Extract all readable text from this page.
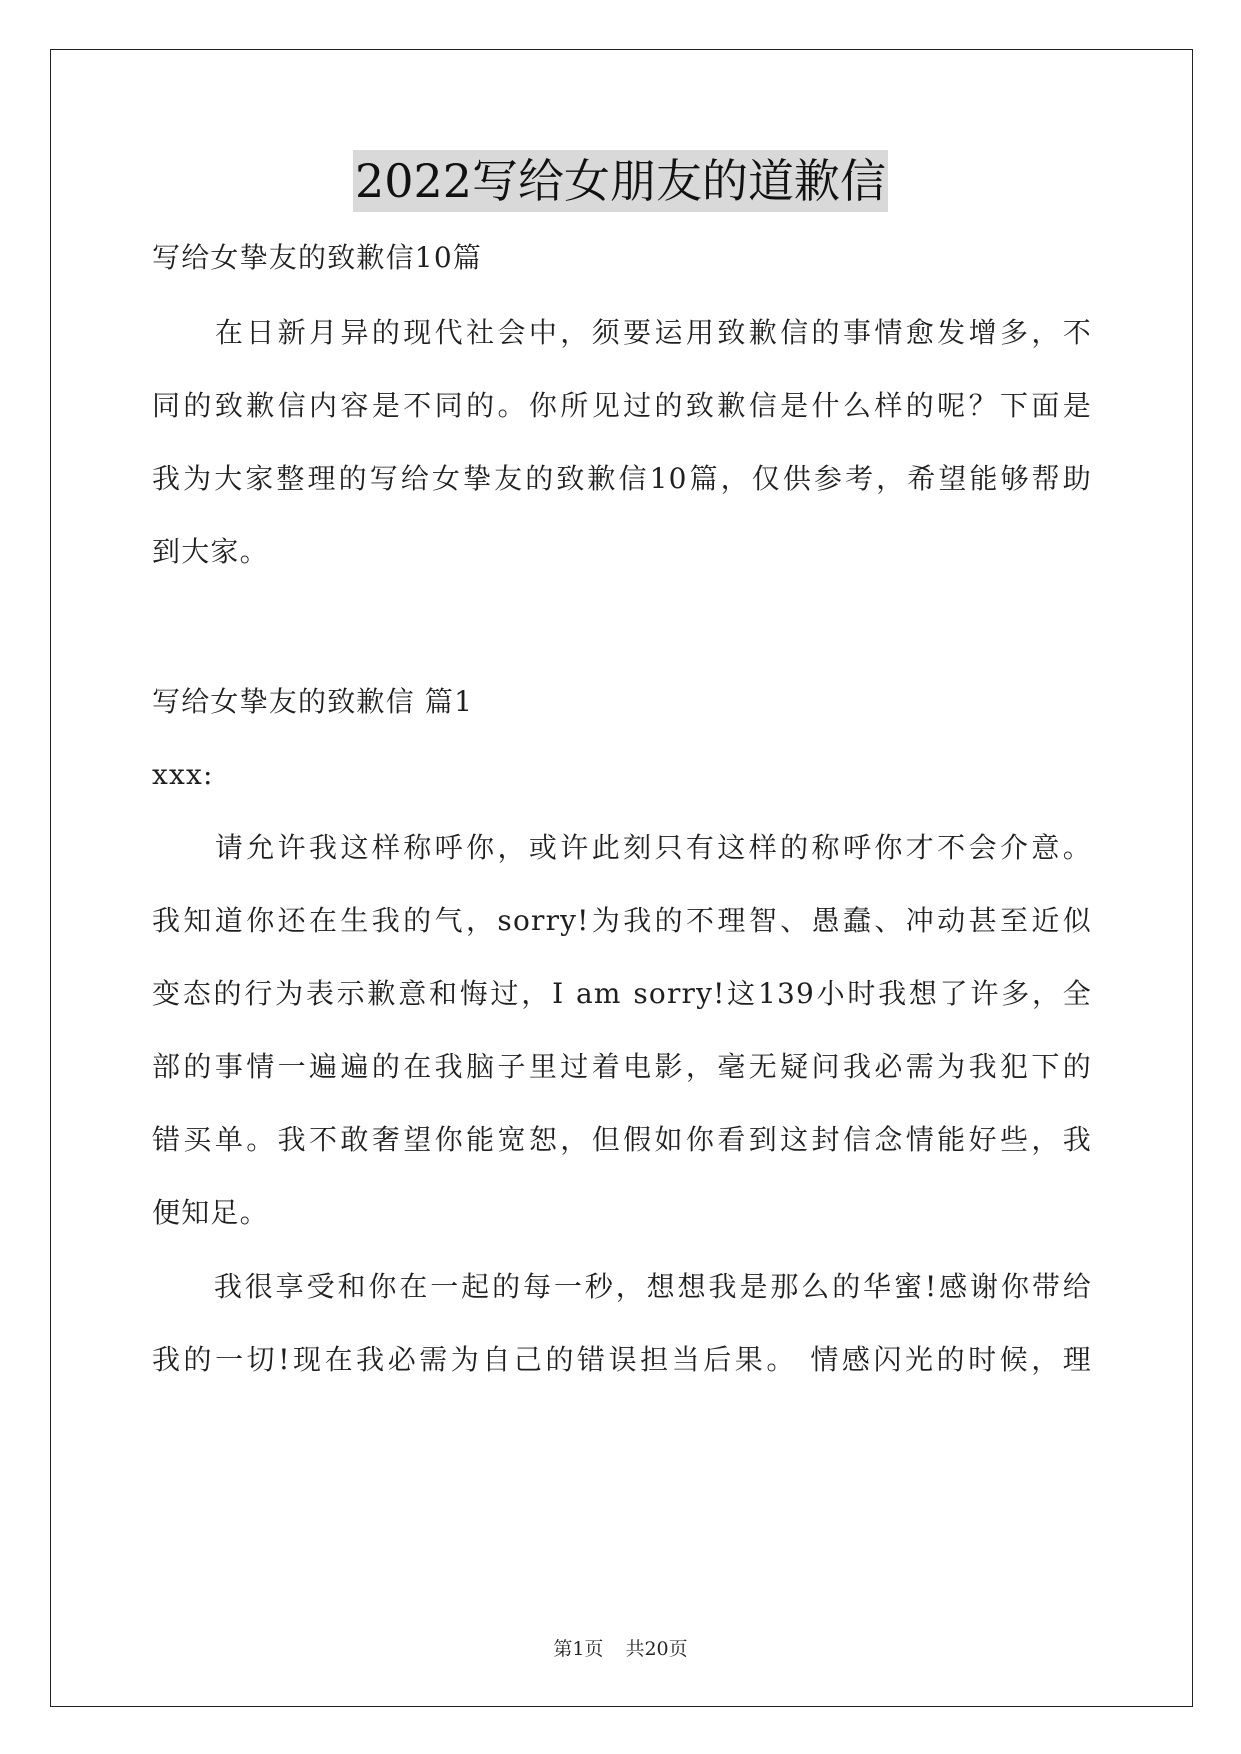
2022写给女朋友的道歉信

写给女挚友的致歉信10篇

　　在日新月异的现代社会中，须要运用致歉信的事情愈发增多，不

同的致歉信内容是不同的。你所见过的致歉信是什么样的呢？下面是

我为大家整理的写给女挚友的致歉信10篇，仅供参考，希望能够帮助

到大家。

写给女挚友的致歉信 篇1

xxx:

　　请允许我这样称呼你，或许此刻只有这样的称呼你才不会介意。

我知道你还在生我的气，sorry!为我的不理智、愚蠢、冲动甚至近似

变态的行为表示歉意和悔过，I am sorry!这139小时我想了许多，全

部的事情一遍遍的在我脑子里过着电影，毫无疑问我必需为我犯下的

错买单。我不敢奢望你能宽恕，但假如你看到这封信念情能好些，我

便知足。

　　我很享受和你在一起的每一秒，想想我是那么的华蜜!感谢你带给

我的一切!现在我必需为自己的错误担当后果。 情感闪光的时候，理

第1页 共20页
